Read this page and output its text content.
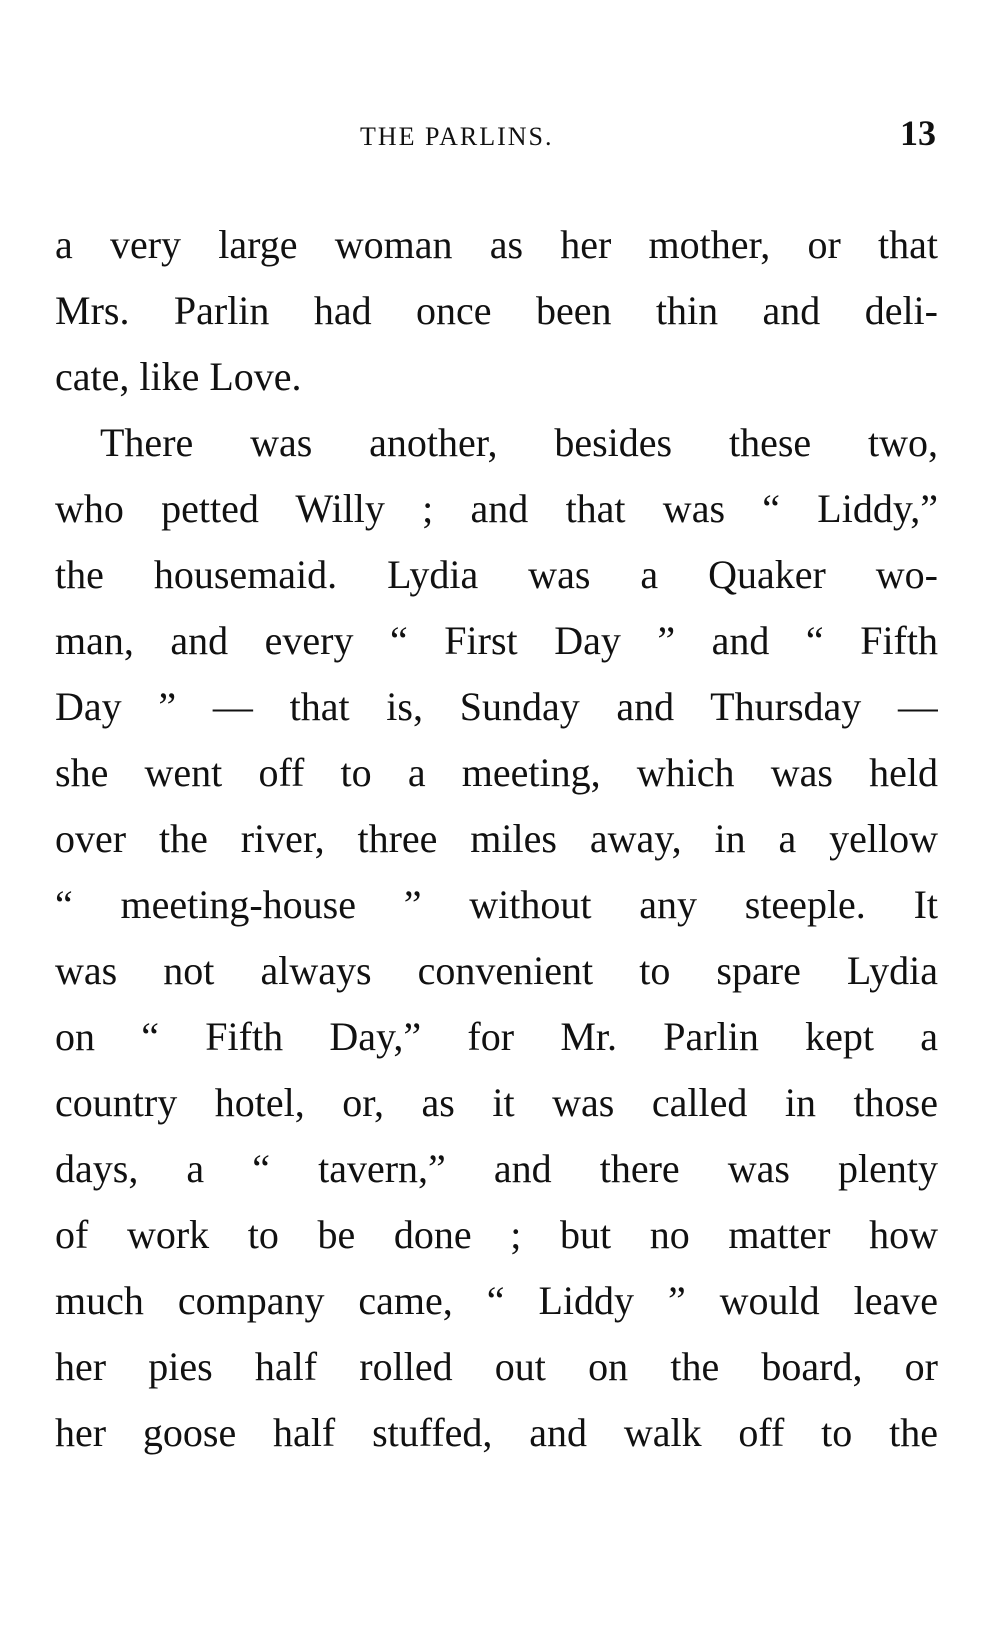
THE PARLINS.	13
a very large woman as her mother, or that
Mrs. Parlin had once been thin and deli-
cate, like Love.
There was another, besides these two,
who petted Willy ; and that was “ Liddy,”
the housemaid. Lydia was a Quaker wo-
man, and every “ First Day ” and “ Fifth
Day ” — that is, Sunday and Thursday —
she went off to a meeting, which was held
over the river, three miles away, in a yellow
“ meeting-house ” without any steeple. It
was not always convenient to spare Lydia
on “ Fifth Day,” for Mr. Parlin kept a
country hotel, or, as it was called in those
days, a “ tavern,” and there was plenty
of work to be done ; but no matter how
much company came, “ Liddy ” would leave
her pies half rolled out on the board, or
her goose half stuffed, and walk off to the
